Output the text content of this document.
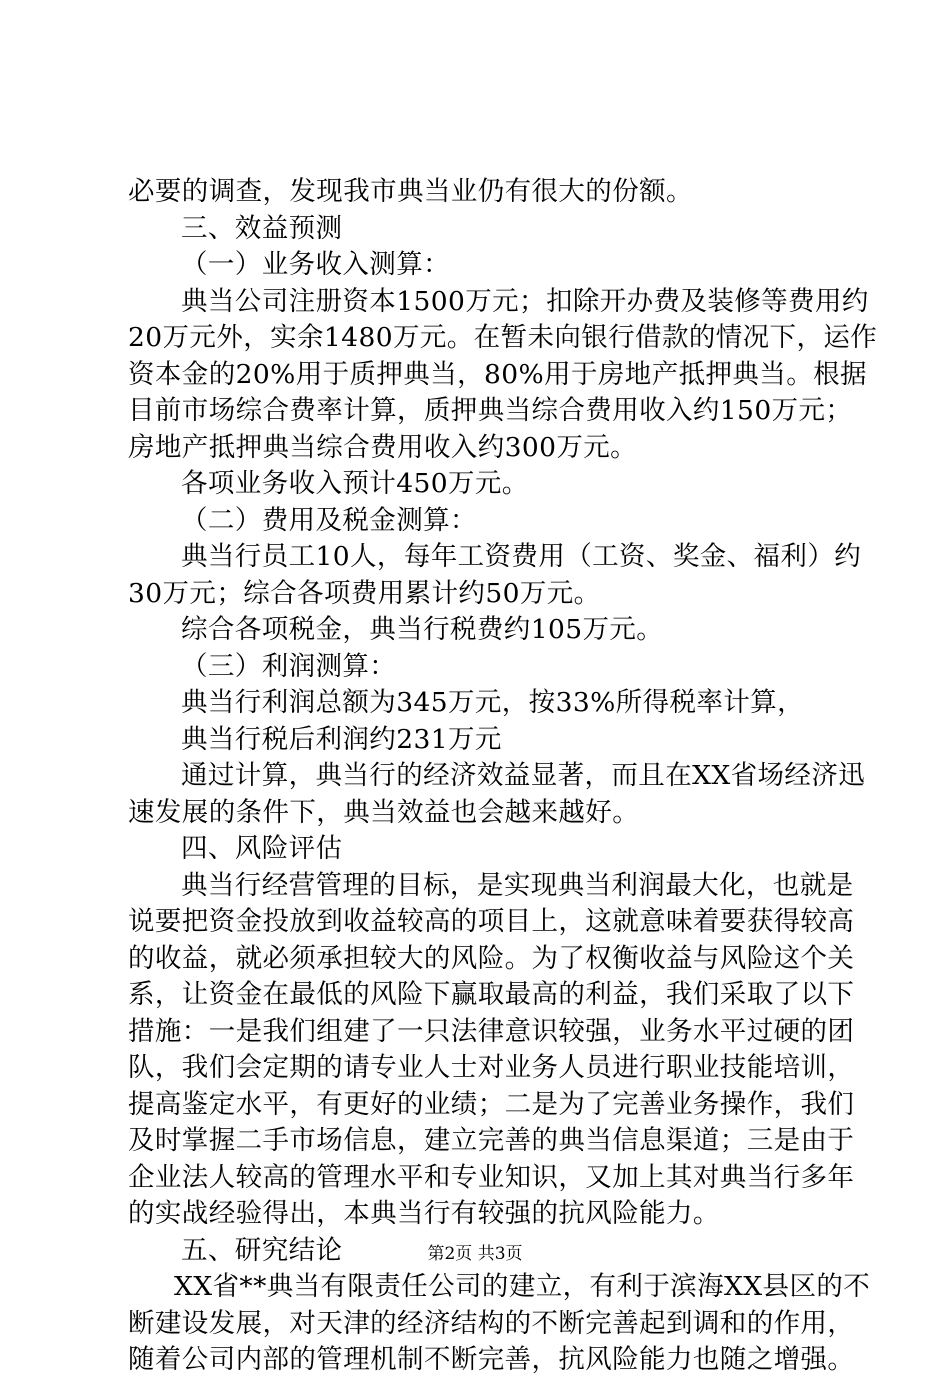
必要的调查，发现我市典当业仍有很大的份额。
三、效益预测
（一）业务收入测算：
典当公司注册资本1500万元；扣除开办费及装修等费用约
20万元外，实余1480万元。在暂未向银行借款的情况下，运作
资本金的20%用于质押典当，80%用于房地产抵押典当。根据
目前市场综合费率计算，质押典当综合费用收入约150万元；
房地产抵押典当综合费用收入约300万元。
各项业务收入预计450万元。
（二）费用及税金测算：
典当行员工10人，每年工资费用（工资、奖金、福利）约
30万元；综合各项费用累计约50万元。
综合各项税金，典当行税费约105万元。
（三）利润测算：
典当行利润总额为345万元，按33%所得税率计算，
典当行税后利润约231万元
通过计算，典当行的经济效益显著，而且在XX省场经济迅
速发展的条件下，典当效益也会越来越好。
四、风险评估
典当行经营管理的目标，是实现典当利润最大化，也就是
说要把资金投放到收益较高的项目上，这就意味着要获得较高
的收益，就必须承担较大的风险。为了权衡收益与风险这个关
系，让资金在最低的风险下赢取最高的利益，我们采取了以下
措施：一是我们组建了一只法律意识较强，业务水平过硬的团
队，我们会定期的请专业人士对业务人员进行职业技能培训，
提高鉴定水平，有更好的业绩；二是为了完善业务操作，我们
及时掌握二手市场信息，建立完善的典当信息渠道；三是由于
企业法人较高的管理水平和专业知识，又加上其对典当行多年
的实战经验得出，本典当行有较强的抗风险能力。
五、研究结论
XX省**典当有限责任公司的建立，有利于滨海XX县区的不
断建设发展，对天津的经济结构的不断完善起到调和的作用，
随着公司内部的管理机制不断完善，抗风险能力也随之增强。
第2页 共3页
